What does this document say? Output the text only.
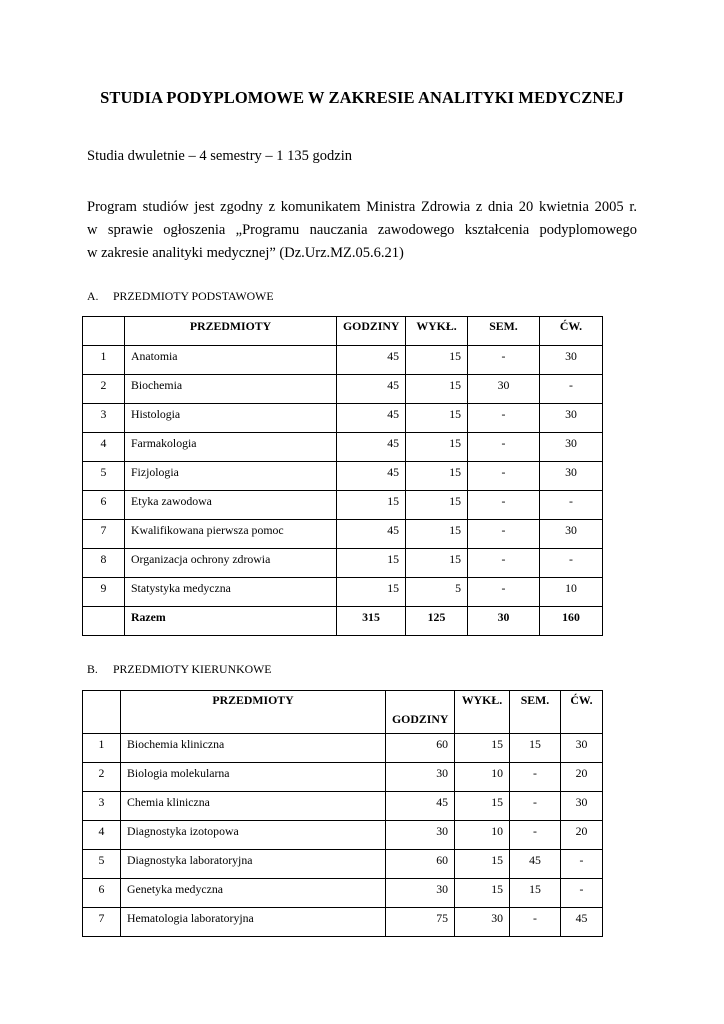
STUDIA PODYPLOMOWE W ZAKRESIE ANALITYKI MEDYCZNEJ
Studia dwuletnie – 4 semestry – 1 135 godzin
Program studiów jest zgodny z komunikatem Ministra Zdrowia z dnia 20 kwietnia 2005 r.
w sprawie ogłoszenia „Programu nauczania zawodowego kształcenia podyplomowego
w zakresie analityki medycznej” (Dz.Urz.MZ.05.6.21)
A. PRZEDMIOTY PODSTAWOWE
	PRZEDMIOTY	GODZINY	WYKŁ.	SEM.	ĆW.
1	Anatomia	45	15	-	30
2	Biochemia	45	15	30	-
3	Histologia	45	15	-	30
4	Farmakologia	45	15	-	30
5	Fizjologia	45	15	-	30
6	Etyka zawodowa	15	15	-	-
7	Kwalifikowana pierwsza pomoc	45	15	-	30
8	Organizacja ochrony zdrowia	15	15	-	-
9	Statystyka medyczna	15	5	-	10
	Razem	315	125	30	160
B. PRZEDMIOTY KIERUNKOWE
	PRZEDMIOTY	GODZINY	WYKŁ.	SEM.	ĆW.
1	Biochemia kliniczna	60	15	15	30
2	Biologia molekularna	30	10	-	20
3	Chemia kliniczna	45	15	-	30
4	Diagnostyka izotopowa	30	10	-	20
5	Diagnostyka laboratoryjna	60	15	45	-
6	Genetyka medyczna	30	15	15	-
7	Hematologia laboratoryjna	75	30	-	45
